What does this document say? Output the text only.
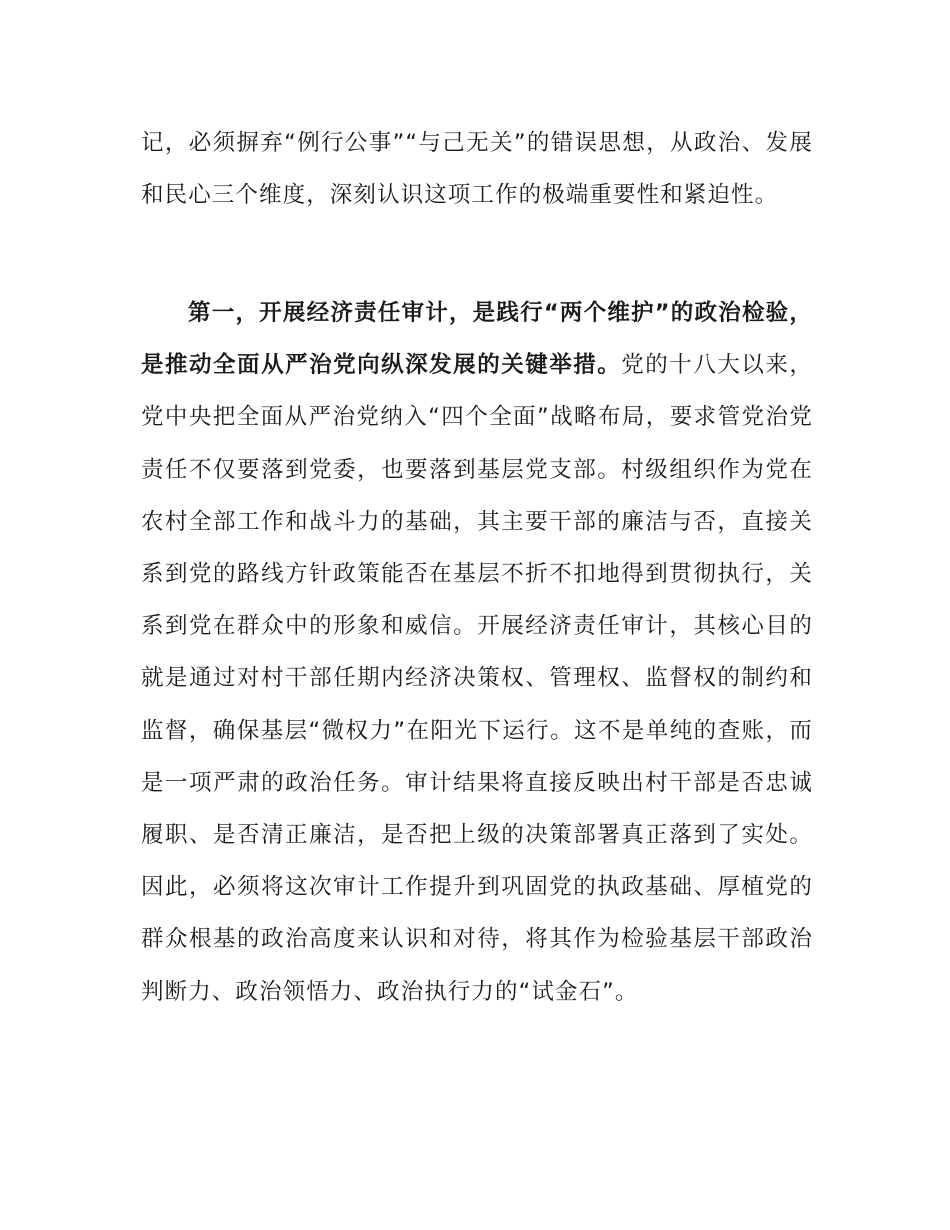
记，必须摒弃“例行公事”“与己无关”的错误思想，从政治、发展和民心三个维度，深刻认识这项工作的极端重要性和紧迫性。

第一，开展经济责任审计，是践行“两个维护”的政治检验，是推动全面从严治党向纵深发展的关键举措。党的十八大以来，党中央把全面从严治党纳入“四个全面”战略布局，要求管党治党责任不仅要落到党委，也要落到基层党支部。村级组织作为党在农村全部工作和战斗力的基础，其主要干部的廉洁与否，直接关系到党的路线方针政策能否在基层不折不扣地得到贯彻执行，关系到党在群众中的形象和威信。开展经济责任审计，其核心目的就是通过对村干部任期内经济决策权、管理权、监督权的制约和监督，确保基层“微权力”在阳光下运行。这不是单纯的查账，而是一项严肃的政治任务。审计结果将直接反映出村干部是否忠诚履职、是否清正廉洁，是否把上级的决策部署真正落到了实处。因此，必须将这次审计工作提升到巩固党的执政基础、厚植党的群众根基的政治高度来认识和对待，将其作为检验基层干部政治判断力、政治领悟力、政治执行力的“试金石”。
